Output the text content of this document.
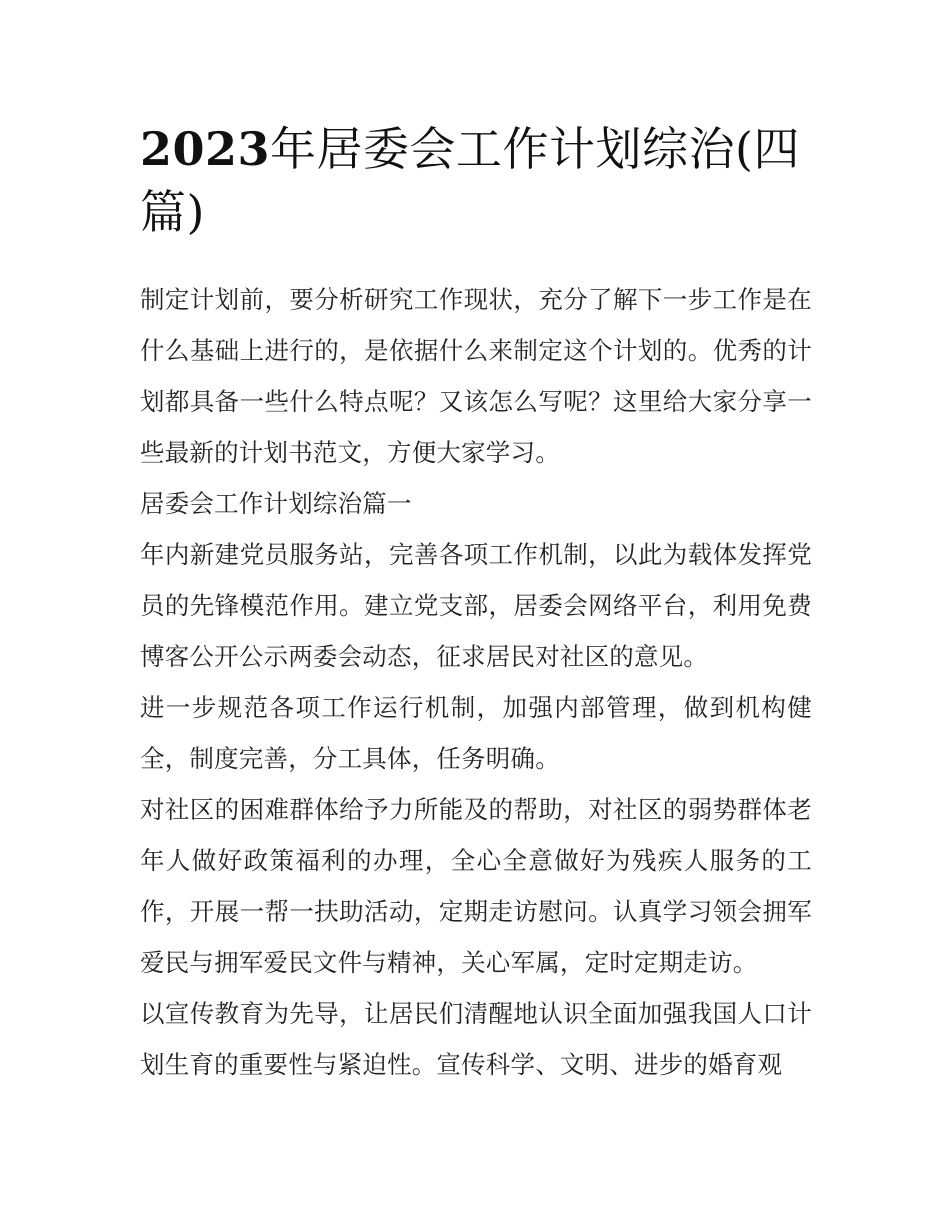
2023年居委会工作计划综治(四篇)

制定计划前，要分析研究工作现状，充分了解下一步工作是在什么基础上进行的，是依据什么来制定这个计划的。优秀的计划都具备一些什么特点呢？又该怎么写呢？这里给大家分享一些最新的计划书范文，方便大家学习。

居委会工作计划综治篇一

年内新建党员服务站，完善各项工作机制，以此为载体发挥党员的先锋模范作用。建立党支部，居委会网络平台，利用免费博客公开公示两委会动态，征求居民对社区的意见。

进一步规范各项工作运行机制，加强内部管理，做到机构健全，制度完善，分工具体，任务明确。

对社区的困难群体给予力所能及的帮助，对社区的弱势群体老年人做好政策福利的办理，全心全意做好为残疾人服务的工作，开展一帮一扶助活动，定期走访慰问。认真学习领会拥军爱民与拥军爱民文件与精神，关心军属，定时定期走访。

以宣传教育为先导，让居民们清醒地认识全面加强我国人口计划生育的重要性与紧迫性。宣传科学、文明、进步的婚育观
